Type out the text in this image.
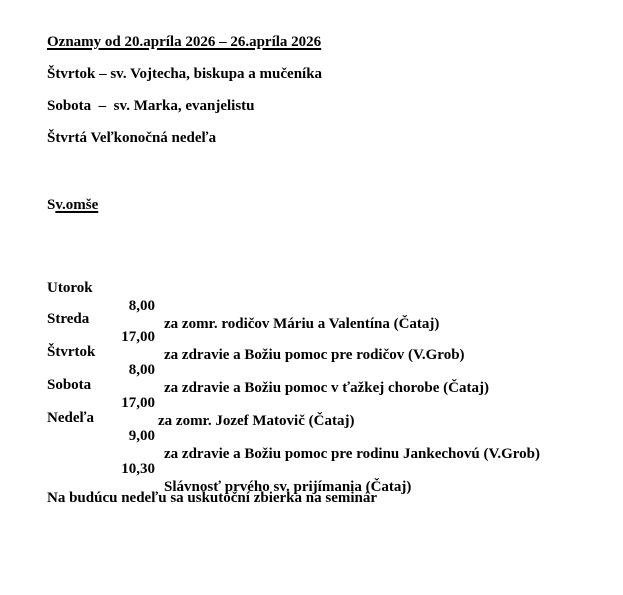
Oznamy od 20.apríla 2026 – 26.apríla 2026
Štvrtok – sv. Vojtecha, biskupa a mučeníka
Sobota  –  sv. Marka, evanjelistu
Štvrtá Veľkonočná nedeľa
Sv.omše

Utorok

8,00

za zomr. rodičov Máriu a Valentína (Čataj)

Streda

17,00

za zdravie a Božiu pomoc pre rodičov (V.Grob)

Štvrtok

8,00

za zdravie a Božiu pomoc v ťažkej chorobe (Čataj)

Sobota

17,00

za zomr. Jozef Matovič (Čataj)

Nedeľa

9,00

za zdravie a Božiu pomoc pre rodinu Jankechovú (V.Grob)

10,30

Slávnosť prvého sv. prijímania (Čataj)

Na budúcu nedeľu sa uskutoční zbierka na seminár
